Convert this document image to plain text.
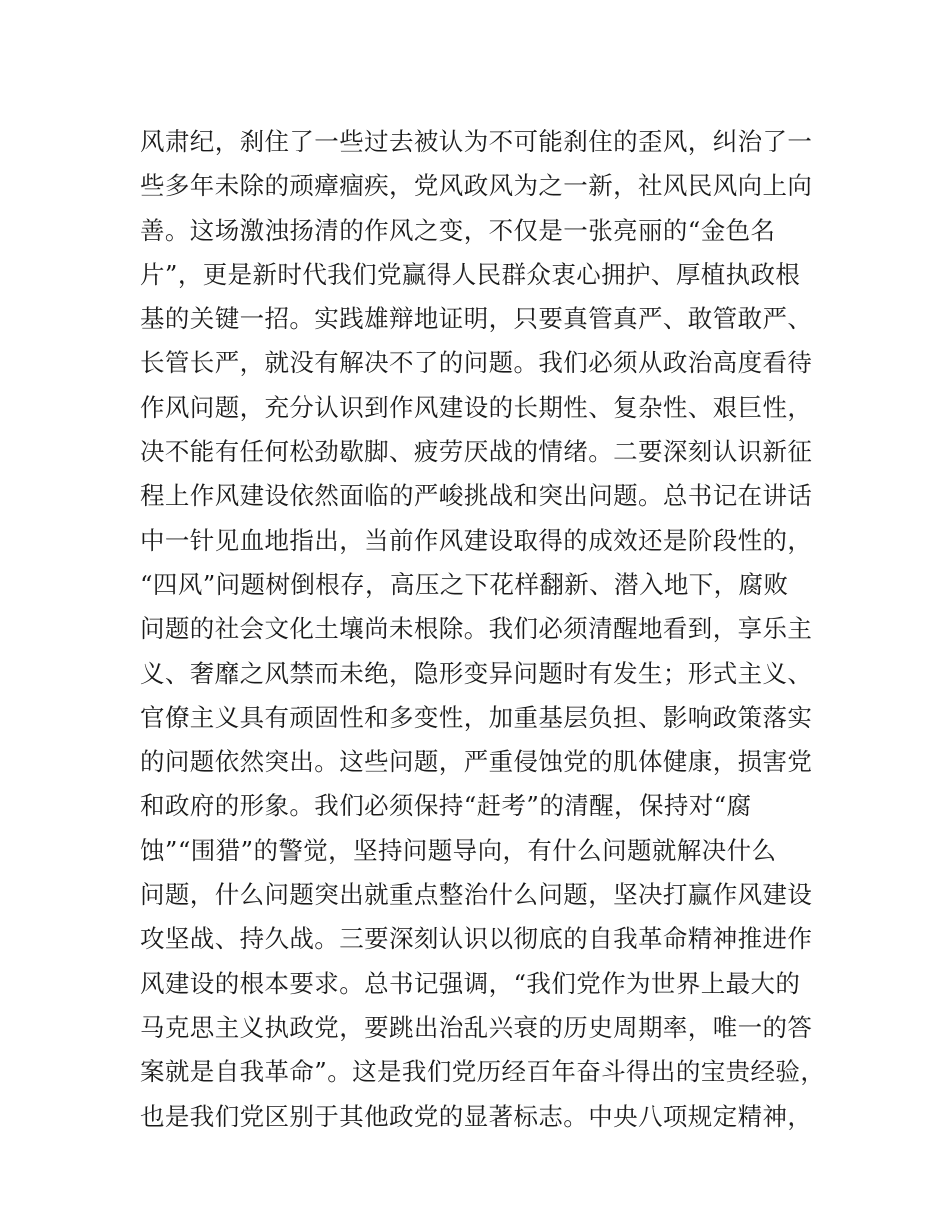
风肃纪，刹住了一些过去被认为不可能刹住的歪风，纠治了一
些多年未除的顽瘴痼疾，党风政风为之一新，社风民风向上向
善。这场激浊扬清的作风之变，不仅是一张亮丽的“金色名
片”，更是新时代我们党赢得人民群众衷心拥护、厚植执政根
基的关键一招。实践雄辩地证明，只要真管真严、敢管敢严、
长管长严，就没有解决不了的问题。我们必须从政治高度看待
作风问题，充分认识到作风建设的长期性、复杂性、艰巨性，
决不能有任何松劲歇脚、疲劳厌战的情绪。二要深刻认识新征
程上作风建设依然面临的严峻挑战和突出问题。总书记在讲话
中一针见血地指出，当前作风建设取得的成效还是阶段性的，
“四风”问题树倒根存，高压之下花样翻新、潜入地下，腐败
问题的社会文化土壤尚未根除。我们必须清醒地看到，享乐主
义、奢靡之风禁而未绝，隐形变异问题时有发生；形式主义、
官僚主义具有顽固性和多变性，加重基层负担、影响政策落实
的问题依然突出。这些问题，严重侵蚀党的肌体健康，损害党
和政府的形象。我们必须保持“赶考”的清醒，保持对“腐
蚀”“围猎”的警觉，坚持问题导向，有什么问题就解决什么
问题，什么问题突出就重点整治什么问题，坚决打赢作风建设
攻坚战、持久战。三要深刻认识以彻底的自我革命精神推进作
风建设的根本要求。总书记强调，“我们党作为世界上最大的
马克思主义执政党，要跳出治乱兴衰的历史周期率，唯一的答
案就是自我革命”。这是我们党历经百年奋斗得出的宝贵经验，
也是我们党区别于其他政党的显著标志。中央八项规定精神，
